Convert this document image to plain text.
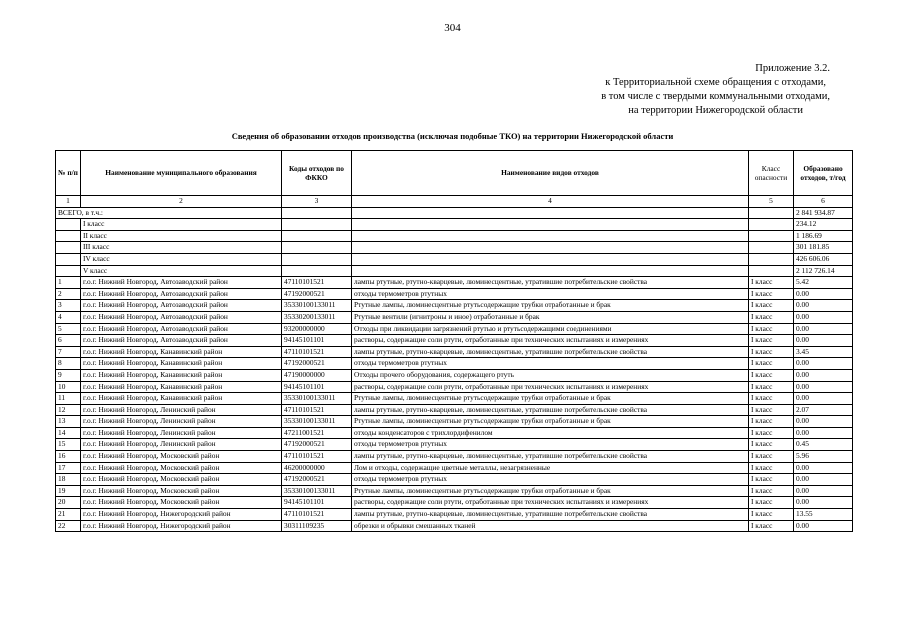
304
Приложение 3.2.
к Территориальной схеме обращения с отходами,
в том числе с твердыми коммунальными отходами,
на территории Нижегородской области
Сведения об образовании отходов производства (исключая подобные ТКО) на территории Нижегородской области
№ п/п	Наименование муниципального образования	Коды отходов по ФККО	Наименование видов отходов	Класс опасности	Образовано отходов, т/год
1	2	3	4	5	6
ВСЕГО, в т.ч.:					2 841 934.87
	I класс				234.12
	II класс				1 186.69
	III класс				301 181.85
	IV класс				426 606.06
	V класс				2 112 726.14
1	г.о.г. Нижний Новгород, Автозаводский район	47110101521	лампы ртутные, ртутно-кварцевые, люминесцентные, утратившие потребительские свойства	I класс	5.42
2	г.о.г. Нижний Новгород, Автозаводский район	47192000521	отходы термометров ртутных	I класс	0.00
3	г.о.г. Нижний Новгород, Автозаводский район	35330100133011	Ртутные лампы, люминесцентные ртутьсодержащие трубки отработанные и брак	I класс	0.00
4	г.о.г. Нижний Новгород, Автозаводский район	35330200133011	Ртутные вентили (игнитроны и иное) отработанные и брак	I класс	0.00
5	г.о.г. Нижний Новгород, Автозаводский район	93200000000	Отходы при ликвидации загрязнений ртутью и ртутьсодержащими соединениями	I класс	0.00
6	г.о.г. Нижний Новгород, Автозаводский район	94145101101	растворы, содержащие соли ртути, отработанные при технических испытаниях и измерениях	I класс	0.00
7	г.о.г. Нижний Новгород, Канавинский район	47110101521	лампы ртутные, ртутно-кварцевые, люминесцентные, утратившие потребительские свойства	I класс	3.45
8	г.о.г. Нижний Новгород, Канавинский район	47192000521	отходы термометров ртутных	I класс	0.00
9	г.о.г. Нижний Новгород, Канавинский район	47190000000	Отходы прочего оборудования, содержащего ртуть	I класс	0.00
10	г.о.г. Нижний Новгород, Канавинский район	94145101101	растворы, содержащие соли ртути, отработанные при технических испытаниях и измерениях	I класс	0.00
11	г.о.г. Нижний Новгород, Канавинский район	35330100133011	Ртутные лампы, люминесцентные ртутьсодержащие трубки отработанные и брак	I класс	0.00
12	г.о.г. Нижний Новгород, Ленинский район	47110101521	лампы ртутные, ртутно-кварцевые, люминесцентные, утратившие потребительские свойства	I класс	2.07
13	г.о.г. Нижний Новгород, Ленинский район	35330100133011	Ртутные лампы, люминесцентные ртутьсодержащие трубки отработанные и брак	I класс	0.00
14	г.о.г. Нижний Новгород, Ленинский район	47211001521	отходы конденсаторов с трихлордифенилом	I класс	0.00
15	г.о.г. Нижний Новгород, Ленинский район	47192000521	отходы термометров ртутных	I класс	0.45
16	г.о.г. Нижний Новгород, Московский район	47110101521	лампы ртутные, ртутно-кварцевые, люминесцентные, утратившие потребительские свойства	I класс	5.96
17	г.о.г. Нижний Новгород, Московский район	46200000000	Лом и отходы, содержащие цветные металлы, незагрязненные	I класс	0.00
18	г.о.г. Нижний Новгород, Московский район	47192000521	отходы термометров ртутных	I класс	0.00
19	г.о.г. Нижний Новгород, Московский район	35330100133011	Ртутные лампы, люминесцентные ртутьсодержащие трубки отработанные и брак	I класс	0.00
20	г.о.г. Нижний Новгород, Московский район	94145101101	растворы, содержащие соли ртути, отработанные при технических испытаниях и измерениях	I класс	0.00
21	г.о.г. Нижний Новгород, Нижегородский район	47110101521	лампы ртутные, ртутно-кварцевые, люминесцентные, утратившие потребительские свойства	I класс	13.55
22	г.о.г. Нижний Новгород, Нижегородский район	30311109235	обрезки и обрывки смешанных тканей	I класс	0.00
